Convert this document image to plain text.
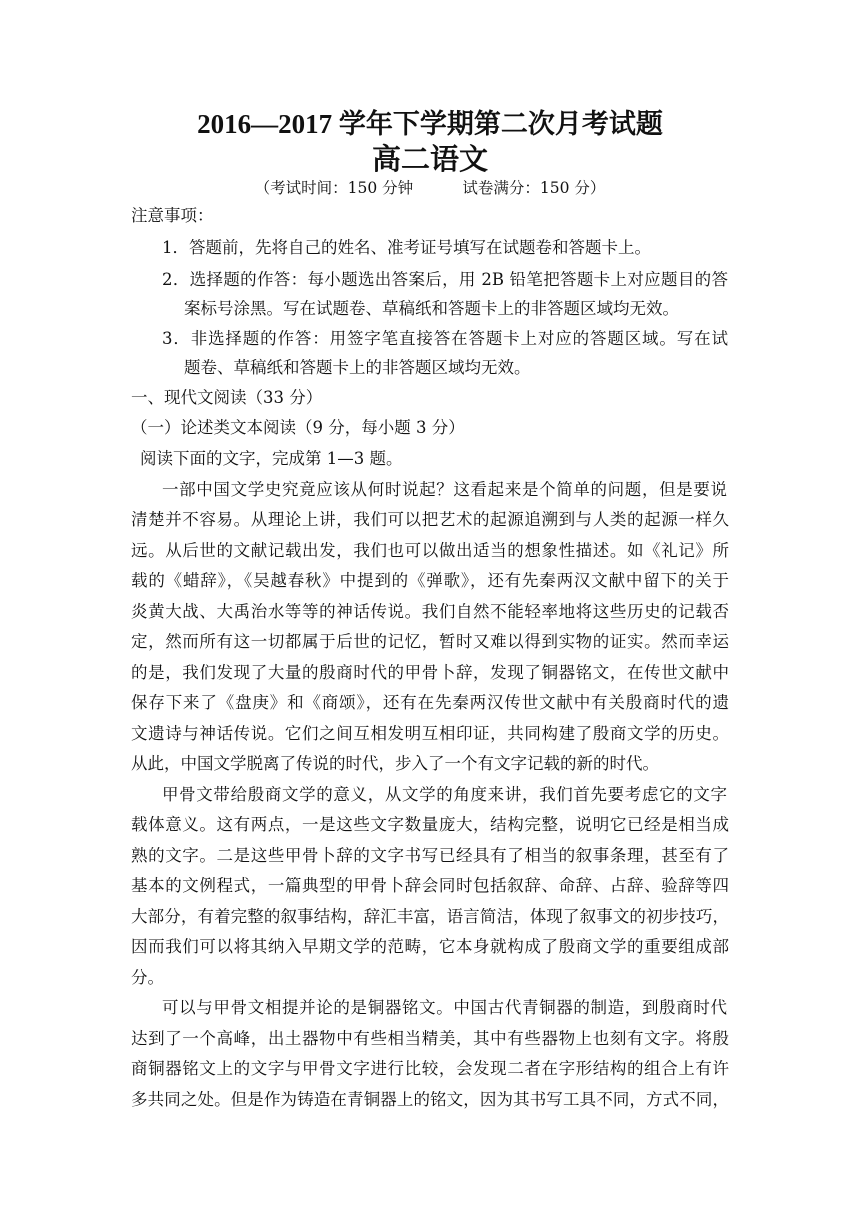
2016—2017 学年下学期第二次月考试题
高二语文
（考试时间：150 分钟          试卷满分：150 分）
注意事项：
1．答题前，先将自己的姓名、准考证号填写在试题卷和答题卡上。
2．选择题的作答：每小题选出答案后，用 2B 铅笔把答题卡上对应题目的答
案标号涂黑。写在试题卷、草稿纸和答题卡上的非答题区域均无效。
3．非选择题的作答：用签字笔直接答在答题卡上对应的答题区域。写在试
题卷、草稿纸和答题卡上的非答题区域均无效。
一、现代文阅读（33 分）
（一）论述类文本阅读（9 分，每小题 3 分）
阅读下面的文字，完成第 1—3 题。
一部中国文学史究竟应该从何时说起？这看起来是个简单的问题，但是要说
清楚并不容易。从理论上讲，我们可以把艺术的起源追溯到与人类的起源一样久
远。从后世的文献记载出发，我们也可以做出适当的想象性描述。如《礼记》所
载的《蜡辞》，《吴越春秋》中提到的《弹歌》，还有先秦两汉文献中留下的关于
炎黄大战、大禹治水等等的神话传说。我们自然不能轻率地将这些历史的记载否
定，然而所有这一切都属于后世的记忆，暂时又难以得到实物的证实。然而幸运
的是，我们发现了大量的殷商时代的甲骨卜辞，发现了铜器铭文，在传世文献中
保存下来了《盘庚》和《商颂》，还有在先秦两汉传世文献中有关殷商时代的遗
文遗诗与神话传说。它们之间互相发明互相印证，共同构建了殷商文学的历史。
从此，中国文学脱离了传说的时代，步入了一个有文字记载的新的时代。
甲骨文带给殷商文学的意义，从文学的角度来讲，我们首先要考虑它的文字
载体意义。这有两点，一是这些文字数量庞大，结构完整，说明它已经是相当成
熟的文字。二是这些甲骨卜辞的文字书写已经具有了相当的叙事条理，甚至有了
基本的文例程式，一篇典型的甲骨卜辞会同时包括叙辞、命辞、占辞、验辞等四
大部分，有着完整的叙事结构，辞汇丰富，语言简洁，体现了叙事文的初步技巧，
因而我们可以将其纳入早期文学的范畴，它本身就构成了殷商文学的重要组成部
分。
可以与甲骨文相提并论的是铜器铭文。中国古代青铜器的制造，到殷商时代
达到了一个高峰，出土器物中有些相当精美，其中有些器物上也刻有文字。将殷
商铜器铭文上的文字与甲骨文字进行比较，会发现二者在字形结构的组合上有许
多共同之处。但是作为铸造在青铜器上的铭文，因为其书写工具不同，方式不同，
